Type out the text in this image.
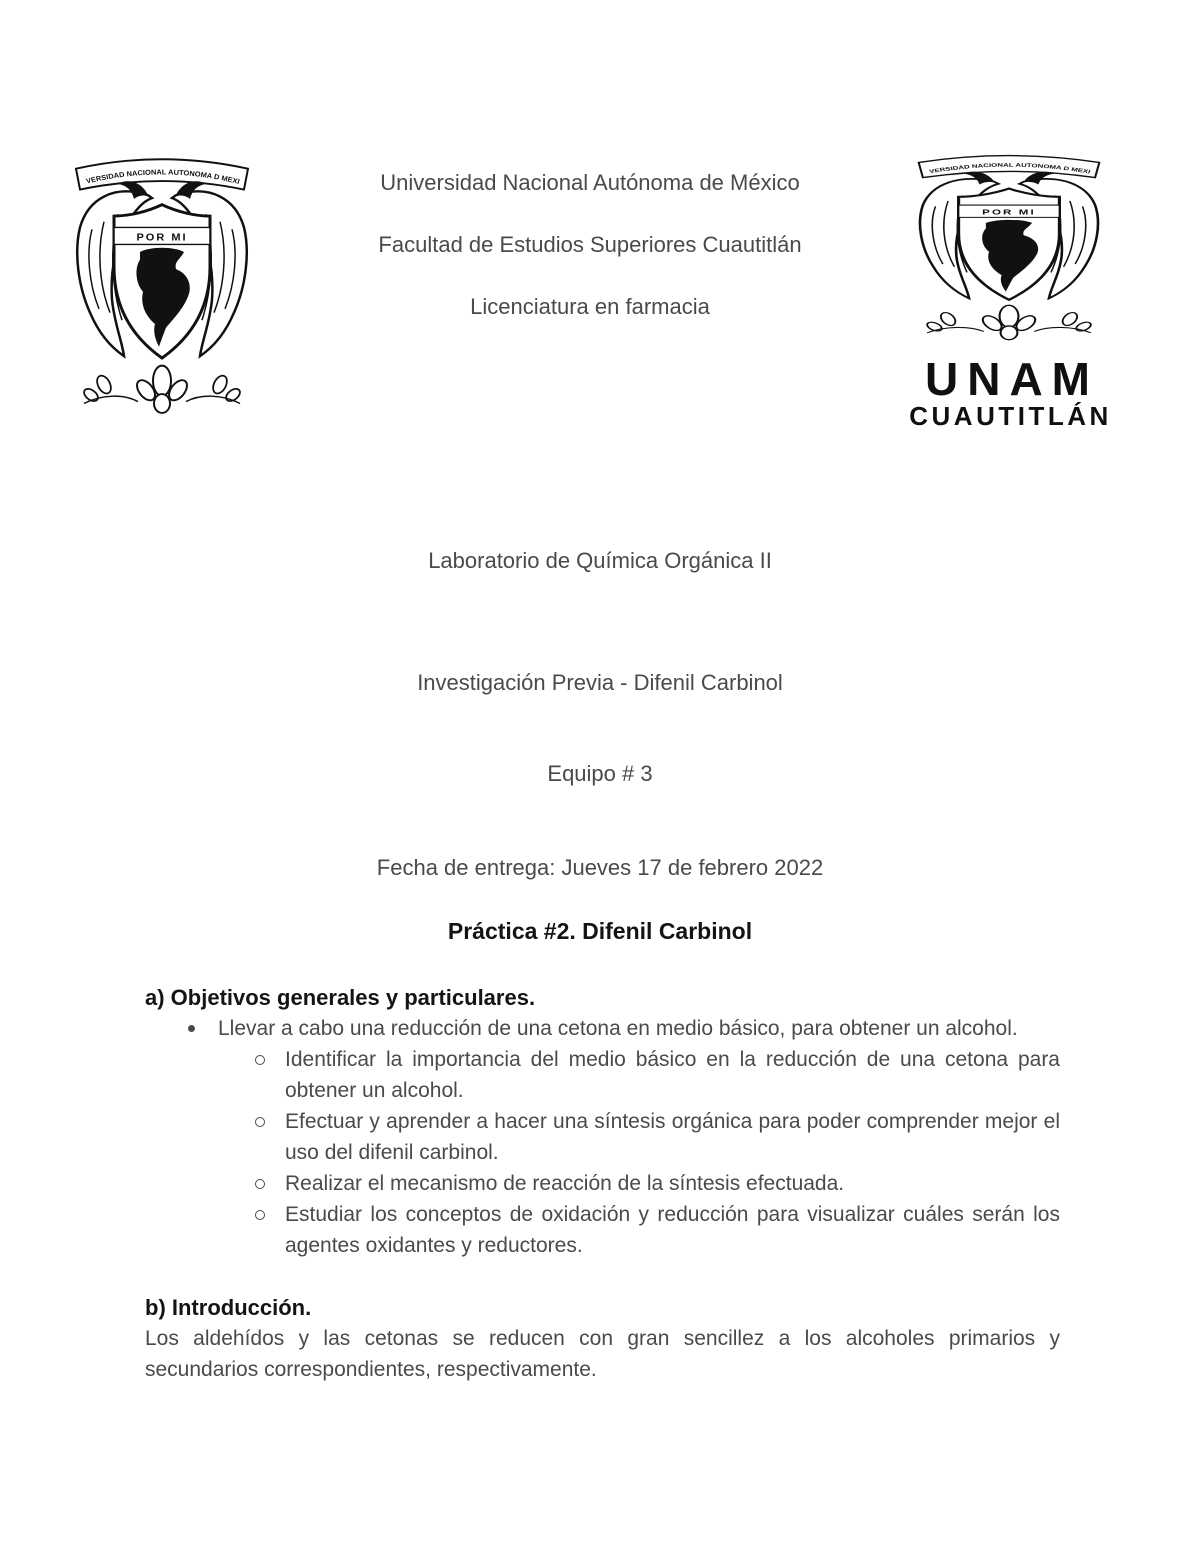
UNAM
CUAUTITLÁN
Universidad Nacional Autónoma de México
Facultad de Estudios Superiores Cuautitlán
Licenciatura en farmacia
Laboratorio de Química Orgánica II
Investigación Previa - Difenil Carbinol
Equipo # 3
Fecha de entrega: Jueves 17 de febrero 2022
Práctica #2. Difenil Carbinol
a) Objetivos generales y particulares.
Llevar a cabo una reducción de una cetona en medio básico, para obtener un alcohol.
Identificar la importancia del medio básico en la reducción de una cetona para obtener un alcohol.
Efectuar y aprender a hacer una síntesis orgánica para poder comprender mejor el uso del difenil carbinol.
Realizar el mecanismo de reacción de la síntesis efectuada.
Estudiar los conceptos de oxidación y reducción para visualizar cuáles serán los agentes oxidantes y reductores.
b) Introducción.
Los aldehídos y las cetonas se reducen con gran sencillez a los alcoholes primarios y secundarios correspondientes, respectivamente.
